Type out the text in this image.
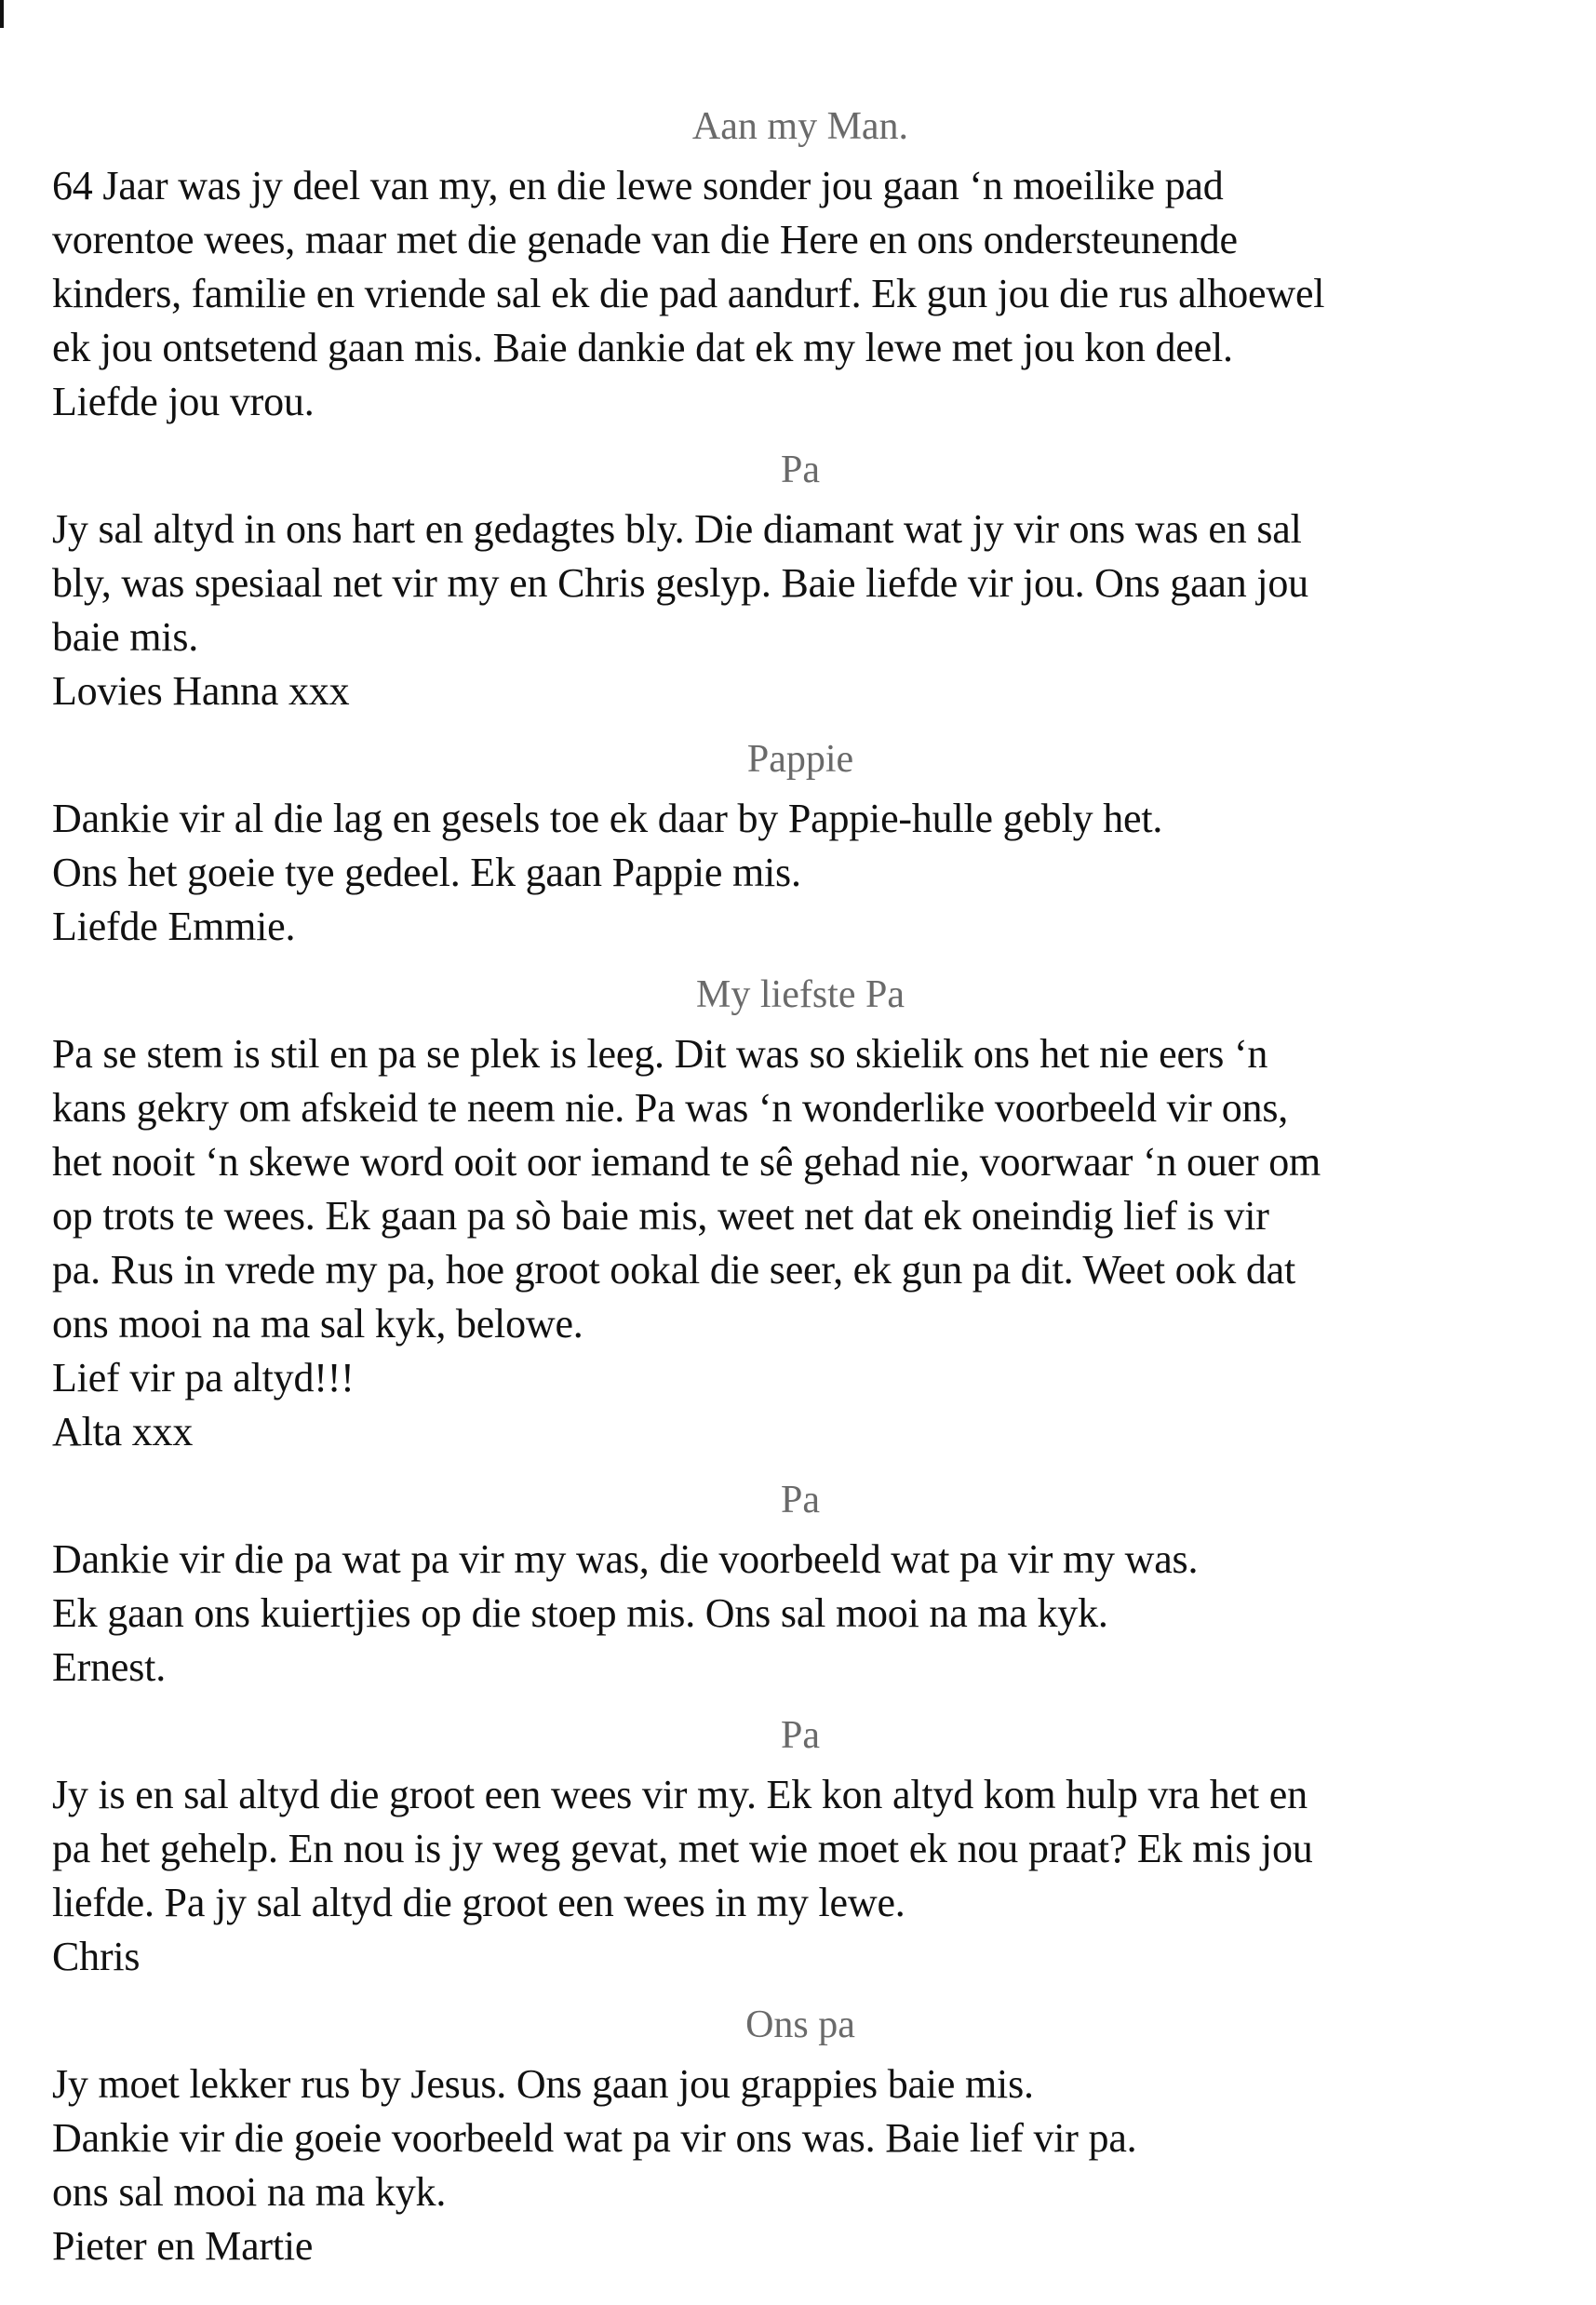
Aan my Man.
64 Jaar was jy deel van my, en die lewe sonder jou gaan ‘n moeilike pad
vorentoe wees, maar met die genade van die Here en ons ondersteunende
kinders, familie en vriende sal ek die pad aandurf. Ek gun jou die rus alhoewel
ek jou ontsetend gaan mis. Baie dankie dat ek my lewe met jou kon deel.
Liefde jou vrou.
Pa
Jy sal altyd in ons hart en gedagtes bly. Die diamant wat jy vir ons was en sal
bly, was spesiaal net vir my en Chris geslyp. Baie liefde vir jou. Ons gaan jou
baie mis.
Lovies Hanna xxx
Pappie
Dankie vir al die lag en gesels toe ek daar by Pappie-hulle gebly het.
Ons het goeie tye gedeel. Ek gaan Pappie mis.
Liefde Emmie.
My liefste Pa
Pa se stem is stil en pa se plek is leeg. Dit was so skielik ons het nie eers ‘n
kans gekry om afskeid te neem nie. Pa was ‘n wonderlike voorbeeld vir ons,
het nooit ‘n skewe word ooit oor iemand te sê gehad nie, voorwaar ‘n ouer om
op trots te wees. Ek gaan pa sò baie mis, weet net dat ek oneindig lief is vir
pa. Rus in vrede my pa, hoe groot ookal die seer, ek gun pa dit. Weet ook dat
ons mooi na ma sal kyk, belowe.
Lief vir pa altyd!!!
Alta xxx
Pa
Dankie vir die pa wat pa vir my was, die voorbeeld wat pa vir my was.
Ek gaan ons kuiertjies op die stoep mis. Ons sal mooi na ma kyk.
Ernest.
Pa
Jy is en sal altyd die groot een wees vir my. Ek kon altyd kom hulp vra het en
pa het gehelp. En nou is jy weg gevat, met wie moet ek nou praat? Ek mis jou
liefde. Pa jy sal altyd die groot een wees in my lewe.
Chris
Ons pa
Jy moet lekker rus by Jesus. Ons gaan jou grappies baie mis.
Dankie vir die goeie voorbeeld wat pa vir ons was. Baie lief vir pa.
ons sal mooi na ma kyk.
Pieter en Martie
